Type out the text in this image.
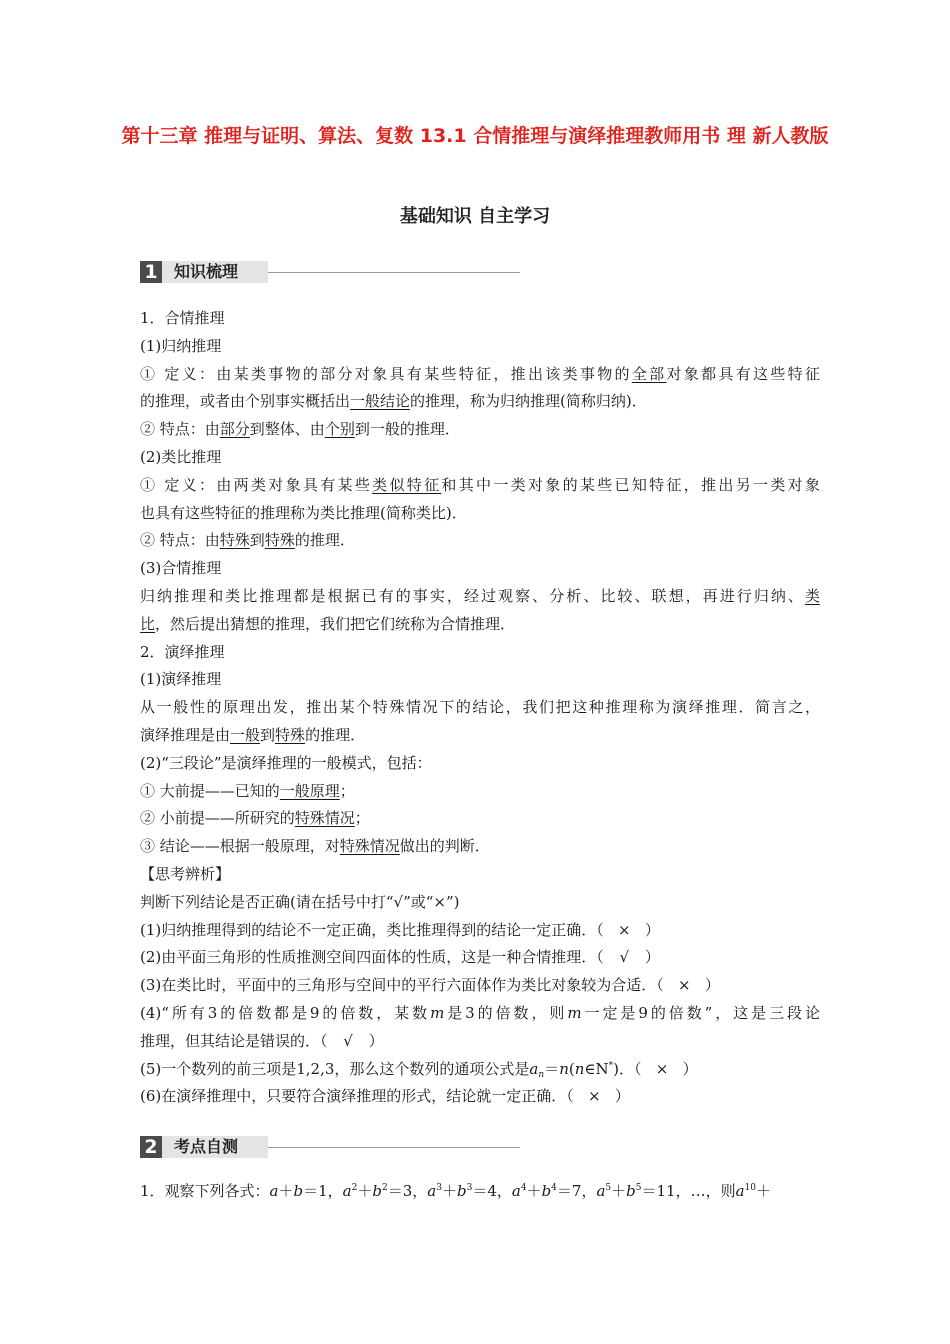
第十三章 推理与证明、算法、复数 13.1 合情推理与演绎推理教师用书 理 新人教版
基础知识 自主学习
1	知识梳理
1．合情推理
(1)归纳推理
① 定义：由某类事物的部分对象具有某些特征，推出该类事物的全部对象都具有这些特征
的推理，或者由个别事实概括出一般结论的推理，称为归纳推理(简称归纳)．
② 特点：由部分到整体、由个别到一般的推理．
(2)类比推理
① 定义：由两类对象具有某些类似特征和其中一类对象的某些已知特征，推出另一类对象
也具有这些特征的推理称为类比推理(简称类比)．
② 特点：由特殊到特殊的推理．
(3)合情推理
归纳推理和类比推理都是根据已有的事实，经过观察、分析、比较、联想，再进行归纳、类
比，然后提出猜想的推理，我们把它们统称为合情推理．
2．演绎推理
(1)演绎推理
从一般性的原理出发，推出某个特殊情况下的结论，我们把这种推理称为演绎推理．简言之，
演绎推理是由一般到特殊的推理．
(2)“三段论”是演绎推理的一般模式，包括：
① 大前提——已知的一般原理；
② 小前提——所研究的特殊情况；
③ 结论——根据一般原理，对特殊情况做出的判断．
【思考辨析】
判断下列结论是否正确(请在括号中打“√”或“×”)
(1)归纳推理得到的结论不一定正确，类比推理得到的结论一定正确．（ × ）
(2)由平面三角形的性质推测空间四面体的性质，这是一种合情推理．（ √ ）
(3)在类比时，平面中的三角形与空间中的平行六面体作为类比对象较为合适．（ × ）
(4)“所有3的倍数都是9的倍数，某数m是3的倍数，则m一定是9的倍数”，这是三段论
推理，但其结论是错误的．（ √ ）
(5)一个数列的前三项是1,2,3，那么这个数列的通项公式是$a_n=n(n\in N^*)$．（ × ）
(6)在演绎推理中，只要符合演绎推理的形式，结论就一定正确．（ × ）
2	考点自测
1．观察下列各式：a＋b＝1，$a^2+b^2=3$，$a^3+b^3=4$，$a^4+b^4=7$，$a^5+b^5=11$，…，则$a^{10}+$
